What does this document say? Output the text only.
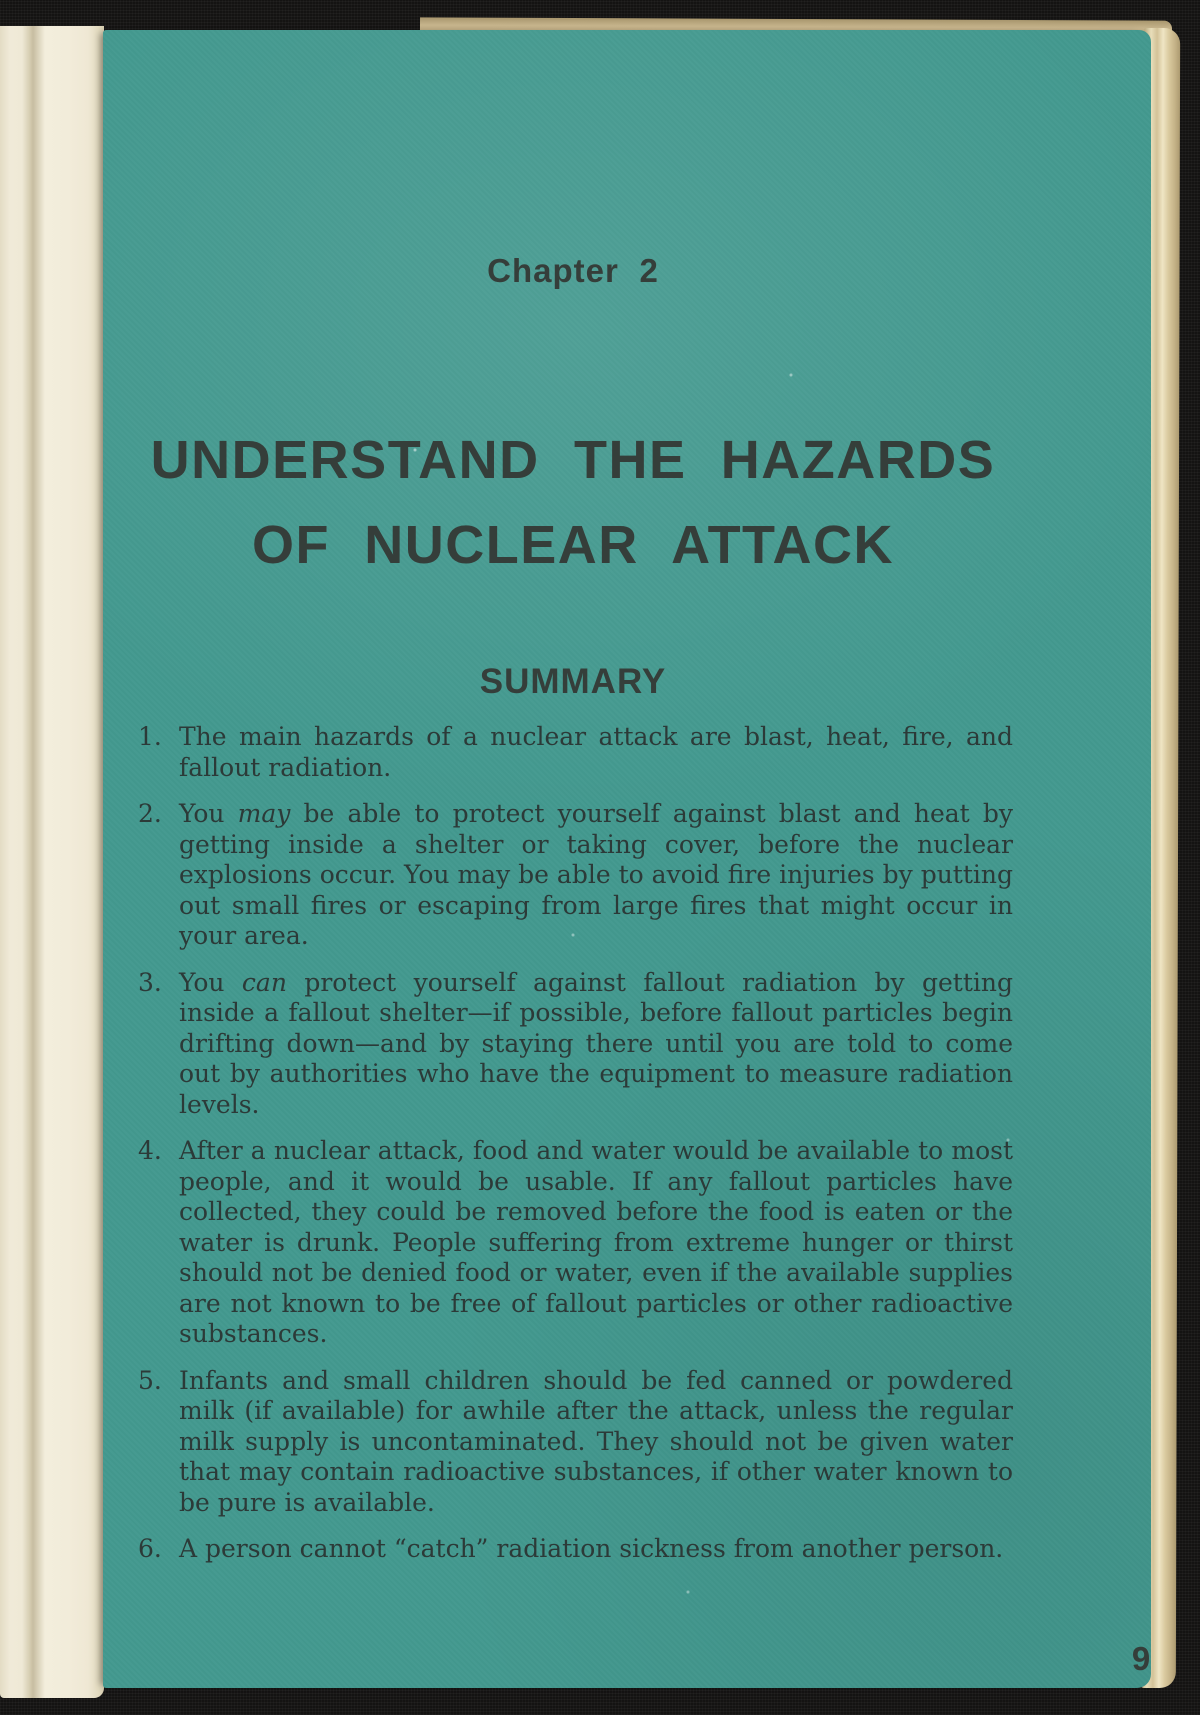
Chapter 2
UNDERSTAND THE HAZARDS
OF NUCLEAR ATTACK
SUMMARY
1. The main hazards of a nuclear attack are blast, heat, fire, and fallout radiation.
2. You may be able to protect yourself against blast and heat by getting inside a shelter or taking cover, before the nuclear explosions occur. You may be able to avoid fire injuries by putting out small fires or escaping from large fires that might occur in your area.
3. You can protect yourself against fallout radiation by getting inside a fallout shelter—if possible, before fallout particles begin drifting down—and by staying there until you are told to come out by authorities who have the equipment to measure radiation levels.
4. After a nuclear attack, food and water would be available to most people, and it would be usable. If any fallout particles have collected, they could be removed before the food is eaten or the water is drunk. People suffering from extreme hunger or thirst should not be denied food or water, even if the available supplies are not known to be free of fallout particles or other radioactive substances.
5. Infants and small children should be fed canned or powdered milk (if available) for awhile after the attack, unless the regular milk supply is uncontaminated. They should not be given water that may contain radioactive substances, if other water known to be pure is available.
6. A person cannot “catch” radiation sickness from another person.
9
